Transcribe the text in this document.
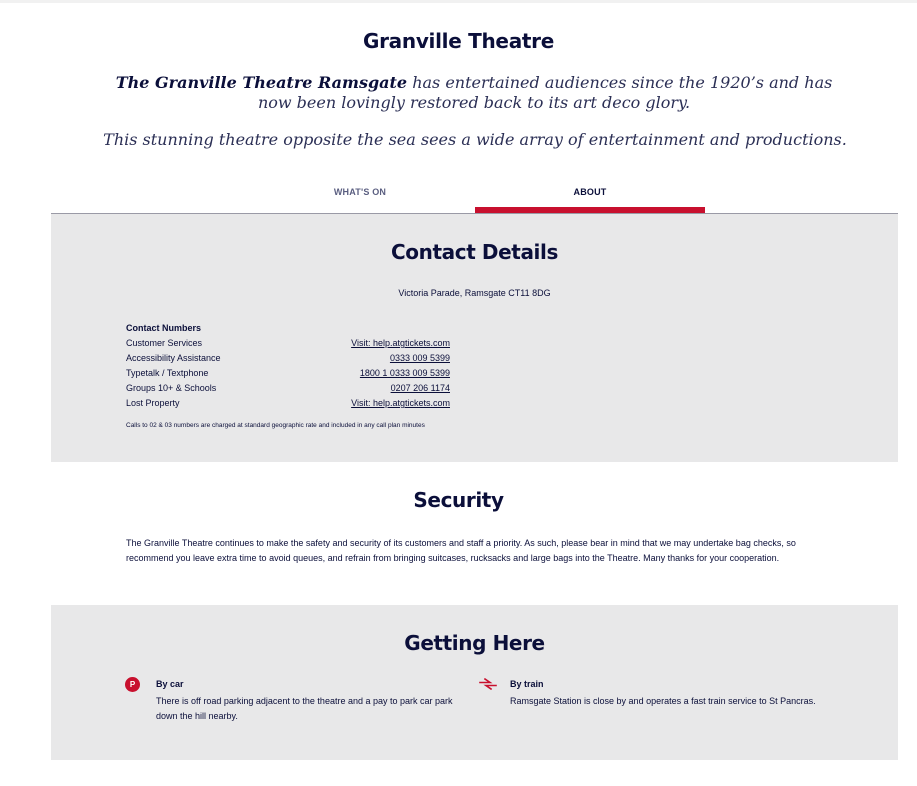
Granville Theatre

The Granville Theatre Ramsgate has entertained audiences since the 1920’s and has now been lovingly restored back to its art deco glory.

This stunning theatre opposite the sea sees a wide array of entertainment and productions.

WHAT'S ON	ABOUT
Contact Details
Victoria Parade, Ramsgate CT11 8DG
Contact Numbers
Customer Services	Visit: help.atgtickets.com
Accessibility Assistance	0333 009 5399
Typetalk / Textphone	1800 1 0333 009 5399
Groups 10+ & Schools	0207 206 1174
Lost Property	Visit: help.atgtickets.com
Calls to 02 & 03 numbers are charged at standard geographic rate and included in any call plan minutes
Security

The Granville Theatre continues to make the safety and security of its customers and staff a priority. As such, please bear in mind that we may undertake bag checks, so recommend you leave extra time to avoid queues, and refrain from bringing suitcases, rucksacks and large bags into the Theatre. Many thanks for your cooperation.

Getting Here
P	By car
There is off road parking adjacent to the theatre and a pay to park car park down the hill nearby.
By train
Ramsgate Station is close by and operates a fast train service to St Pancras.
